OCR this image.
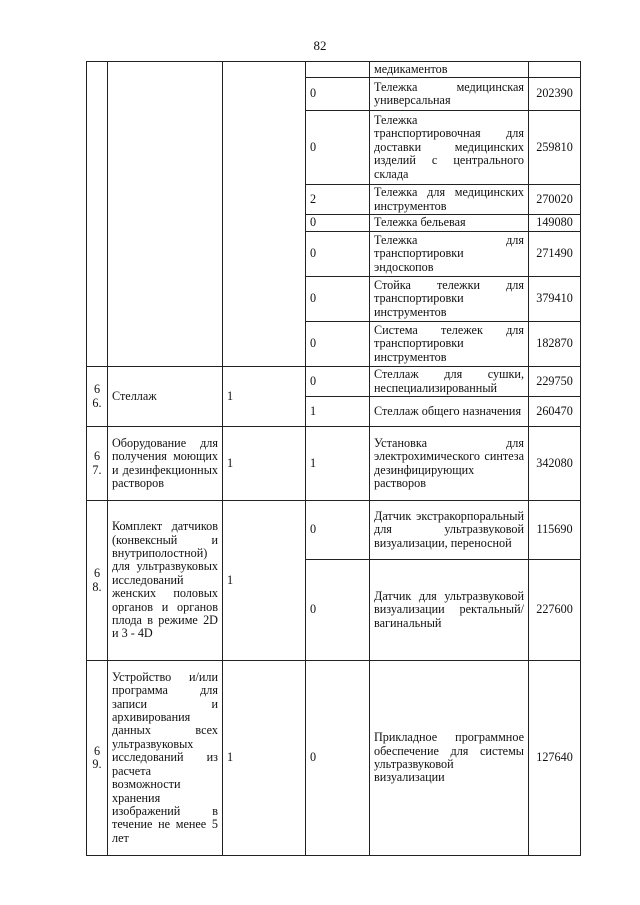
82
				медикаментов	
			0	Тележка медицинская универсальная	202390
			0	Тележка транспортировочная для доставки медицинских изделий с центрального склада	259810
			2	Тележка для медицинских инструментов	270020
			0	Тележка бельевая	149080
			0	Тележка для транспортировки эндоскопов	271490
			0	Стойка тележки для транспортировки инструментов	379410
			0	Система тележек для транспортировки инструментов	182870
6 6.	Стеллаж	1	0	Стеллаж для сушки, неспециализированный	229750
			1	Стеллаж общего назначения	260470
6 7.	Оборудование для получения моющих и дезинфекционных растворов	1	1	Установка для электрохимического синтеза дезинфицирующих растворов	342080
6 8.	Комплект датчиков (конвексный и внутриполостной) для ультразвуковых исследований женских половых органов и органов плода в режиме 2D и 3 - 4D	1	0	Датчик экстракорпоральный для ультразвуковой визуализации, переносной	115690
			0	Датчик для ультразвуковой визуализации ректальный/вагинальный	227600
6 9.	Устройство и/или программа для записи и архивирования данных всех ультразвуковых исследований из расчета возможности хранения изображений в течение не менее 5 лет	1	0	Прикладное программное обеспечение для системы ультразвуковой визуализации	127640
